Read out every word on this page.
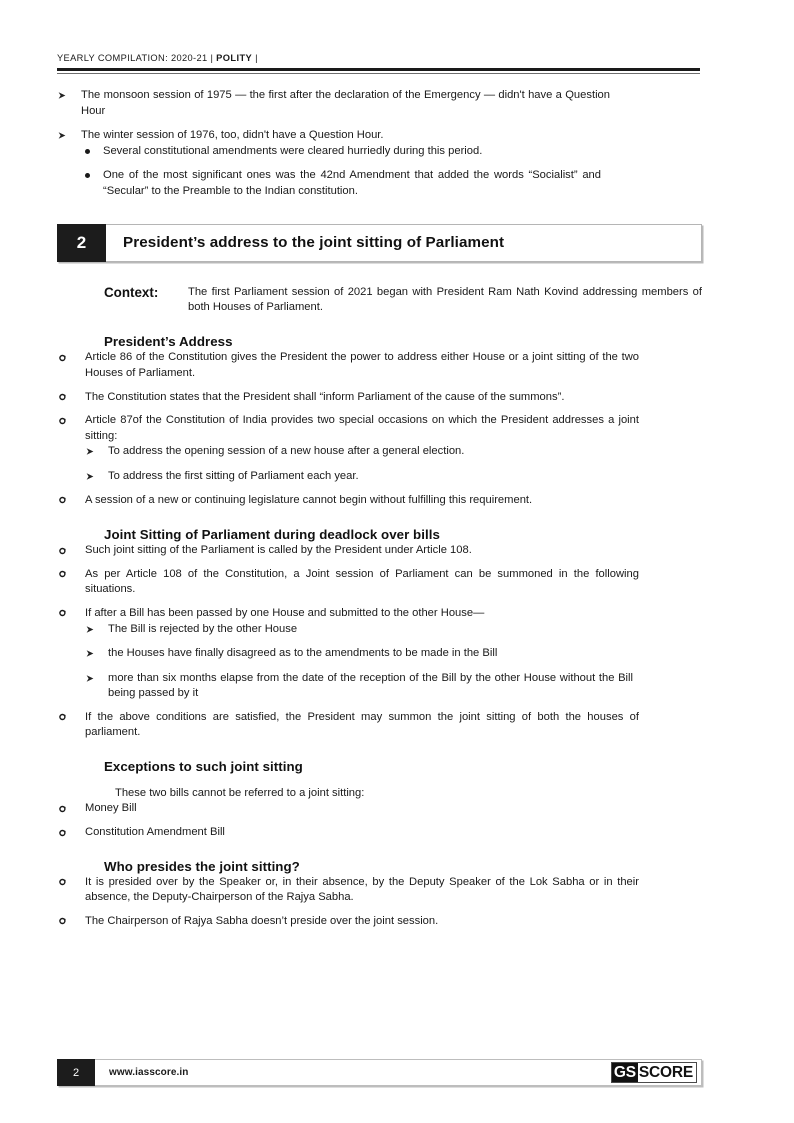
YEARLY COMPILATION: 2020-21 | POLITY |
The monsoon session of 1975 — the first after the declaration of the Emergency — didn't have a Question Hour
The winter session of 1976, too, didn't have a Question Hour.
Several constitutional amendments were cleared hurriedly during this period.
One of the most significant ones was the 42nd Amendment that added the words “Socialist” and “Secular” to the Preamble to the Indian constitution.
2	President’s address to the joint sitting of Parliament
Context:	The first Parliament session of 2021 began with President Ram Nath Kovind addressing members of both Houses of Parliament.
President’s Address
Article 86 of the Constitution gives the President the power to address either House or a joint sitting of the two Houses of Parliament.
The Constitution states that the President shall “inform Parliament of the cause of the summons”.
Article 87of the Constitution of India provides two special occasions on which the President addresses a joint sitting:
To address the opening session of a new house after a general election.
To address the first sitting of Parliament each year.
A session of a new or continuing legislature cannot begin without fulfilling this requirement.
Joint Sitting of Parliament during deadlock over bills
Such joint sitting of the Parliament is called by the President under Article 108.
As per Article 108 of the Constitution, a Joint session of Parliament can be summoned in the following situations.
If after a Bill has been passed by one House and submitted to the other House—
The Bill is rejected by the other House
the Houses have finally disagreed as to the amendments to be made in the Bill
more than six months elapse from the date of the reception of the Bill by the other House without the Bill being passed by it
If the above conditions are satisfied, the President may summon the joint sitting of both the houses of parliament.
Exceptions to such joint sitting
These two bills cannot be referred to a joint sitting:
Money Bill
Constitution Amendment Bill
Who presides the joint sitting?
It is presided over by the Speaker or, in their absence, by the Deputy Speaker of the Lok Sabha or in their absence, the Deputy-Chairperson of the Rajya Sabha.
The Chairperson of Rajya Sabha doesn’t preside over the joint session.
2	www.iasscore.in	GS SCORE
